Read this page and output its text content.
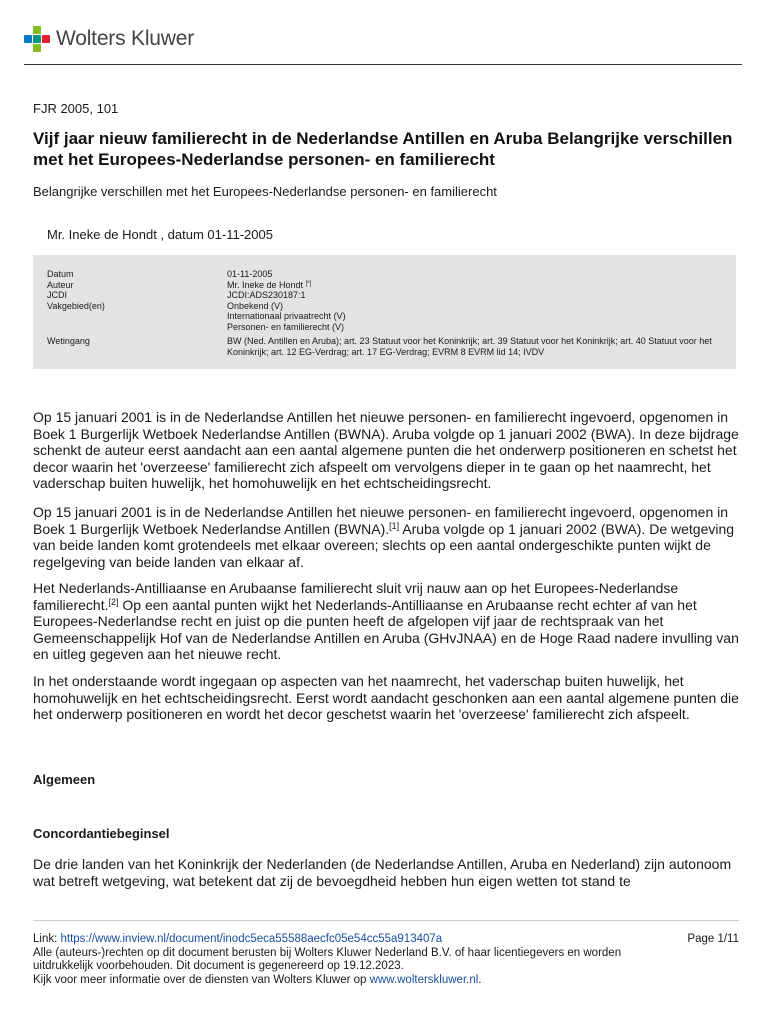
Wolters Kluwer
FJR 2005, 101
Vijf jaar nieuw familierecht in de Nederlandse Antillen en Aruba Belangrijke verschillen met het Europees-Nederlandse personen- en familierecht
Belangrijke verschillen met het Europees-Nederlandse personen- en familierecht
Mr. Ineke de Hondt , datum 01-11-2005
Datum	01-11-2005
Auteur	Mr. Ineke de Hondt [*]
JCDI	JCDI:ADS230187:1
Vakgebied(en)	Onbekend (V)
Internationaal privaatrecht (V)
Personen- en familierecht (V)
Wetingang	BW (Ned. Antillen en Aruba); art. 23 Statuut voor het Koninkrijk; art. 39 Statuut voor het Koninkrijk; art. 40 Statuut voor het Koninkrijk; art. 12 EG-Verdrag; art. 17 EG-Verdrag; EVRM 8 EVRM lid 14; IVDV

Op 15 januari 2001 is in de Nederlandse Antillen het nieuwe personen- en familierecht ingevoerd, opgenomen in Boek 1 Burgerlijk Wetboek Nederlandse Antillen (BWNA). Aruba volgde op 1 januari 2002 (BWA). In deze bijdrage schenkt de auteur eerst aandacht aan een aantal algemene punten die het onderwerp positioneren en schetst het decor waarin het 'overzeese' familierecht zich afspeelt om vervolgens dieper in te gaan op het naamrecht, het vaderschap buiten huwelijk, het homohuwelijk en het echtscheidingsrecht.

Op 15 januari 2001 is in de Nederlandse Antillen het nieuwe personen- en familierecht ingevoerd, opgenomen in Boek 1 Burgerlijk Wetboek Nederlandse Antillen (BWNA).[1] Aruba volgde op 1 januari 2002 (BWA). De wetgeving van beide landen komt grotendeels met elkaar overeen; slechts op een aantal ondergeschikte punten wijkt de regelgeving van beide landen van elkaar af.

Het Nederlands-Antilliaanse en Arubaanse familierecht sluit vrij nauw aan op het Europees-Nederlandse familierecht.[2] Op een aantal punten wijkt het Nederlands-Antilliaanse en Arubaanse recht echter af van het Europees-Nederlandse recht en juist op die punten heeft de afgelopen vijf jaar de rechtspraak van het Gemeenschappelijk Hof van de Nederlandse Antillen en Aruba (GHvJNAA) en de Hoge Raad nadere invulling van en uitleg gegeven aan het nieuwe recht.

In het onderstaande wordt ingegaan op aspecten van het naamrecht, het vaderschap buiten huwelijk, het homohuwelijk en het echtscheidingsrecht. Eerst wordt aandacht geschonken aan een aantal algemene punten die het onderwerp positioneren en wordt het decor geschetst waarin het 'overzeese' familierecht zich afspeelt.

Algemeen
Concordantiebeginsel

De drie landen van het Koninkrijk der Nederlanden (de Nederlandse Antillen, Aruba en Nederland) zijn autonoom wat betreft wetgeving, wat betekent dat zij de bevoegdheid hebben hun eigen wetten tot stand te

Link: https://www.inview.nl/document/inodc5eca55588aecfc05e54cc55a913407a
Alle (auteurs-)rechten op dit document berusten bij Wolters Kluwer Nederland B.V. of haar licentiegevers en worden uitdrukkelijk voorbehouden. Dit document is gegenereerd op 19.12.2023.
Kijk voor meer informatie over de diensten van Wolters Kluwer op www.wolterskluwer.nl.
Page 1/11
